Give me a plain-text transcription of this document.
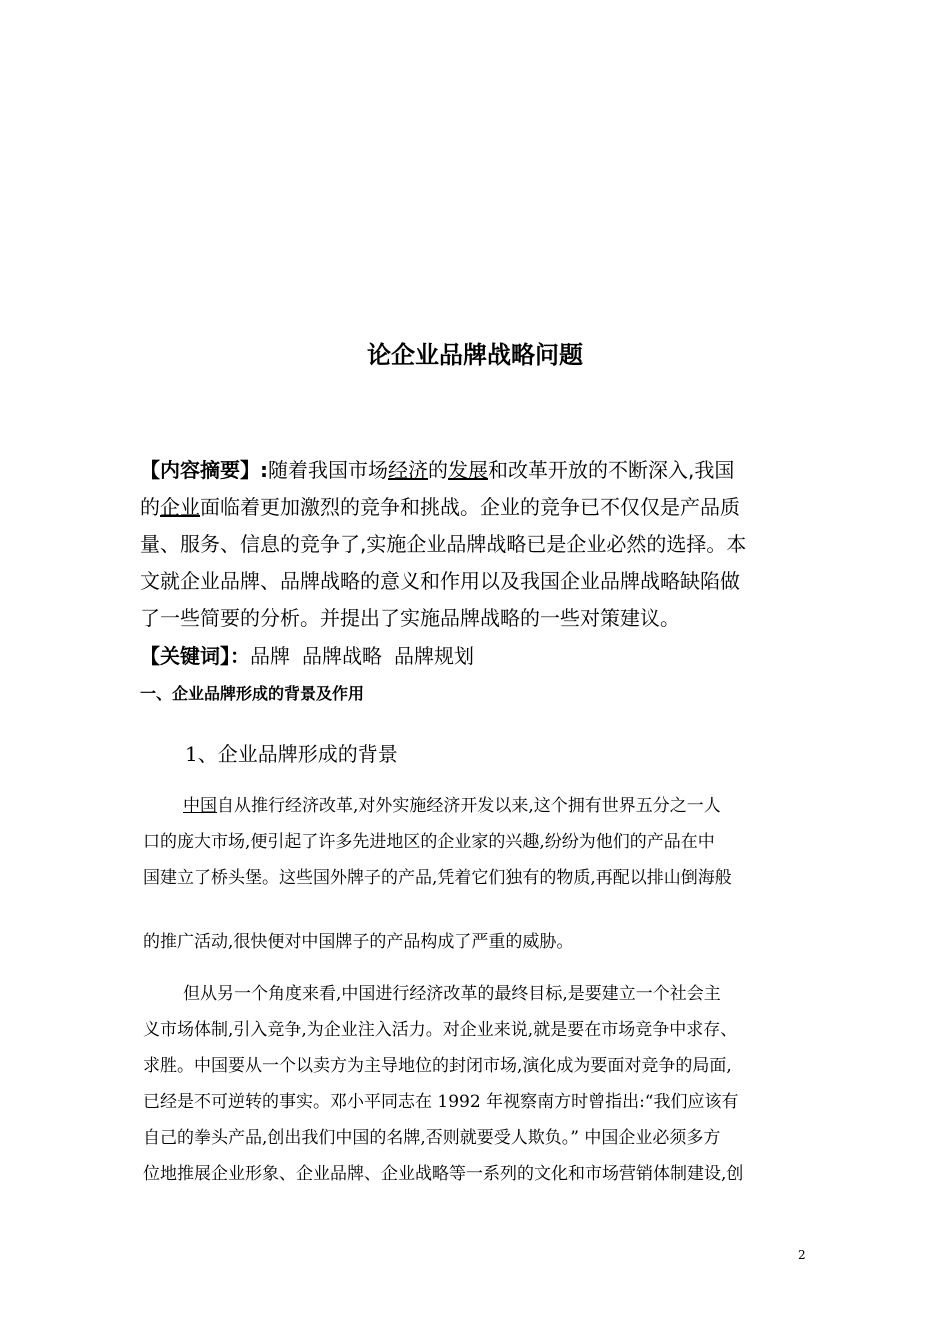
论企业品牌战略问题

【内容摘要】:随着我国市场经济的发展和改革开放的不断深入,我国
的企业面临着更加激烈的竞争和挑战。企业的竞争已不仅仅是产品质
量、服务、信息的竞争了,实施企业品牌战略已是企业必然的选择。本
文就企业品牌、品牌战略的意义和作用以及我国企业品牌战略缺陷做
了一些简要的分析。并提出了实施品牌战略的一些对策建议。

【关键词】：品牌 品牌战略 品牌规划

一、企业品牌形成的背景及作用

1、企业品牌形成的背景

中国自从推行经济改革,对外实施经济开发以来,这个拥有世界五分之一人
口的庞大市场,便引起了许多先进地区的企业家的兴趣,纷纷为他们的产品在中
国建立了桥头堡。这些国外牌子的产品,凭着它们独有的物质,再配以排山倒海般

的推广活动,很快便对中国牌子的产品构成了严重的威胁。

但从另一个角度来看,中国进行经济改革的最终目标,是要建立一个社会主
义市场体制,引入竞争,为企业注入活力。对企业来说,就是要在市场竞争中求存、
求胜。中国要从一个以卖方为主导地位的封闭市场,演化成为要面对竞争的局面,
已经是不可逆转的事实。邓小平同志在 1992 年视察南方时曾指出:“我们应该有
自己的拳头产品,创出我们中国的名牌,否则就要受人欺负。” 中国企业必须多方
位地推展企业形象、企业品牌、企业战略等一系列的文化和市场营销体制建设,创

2
